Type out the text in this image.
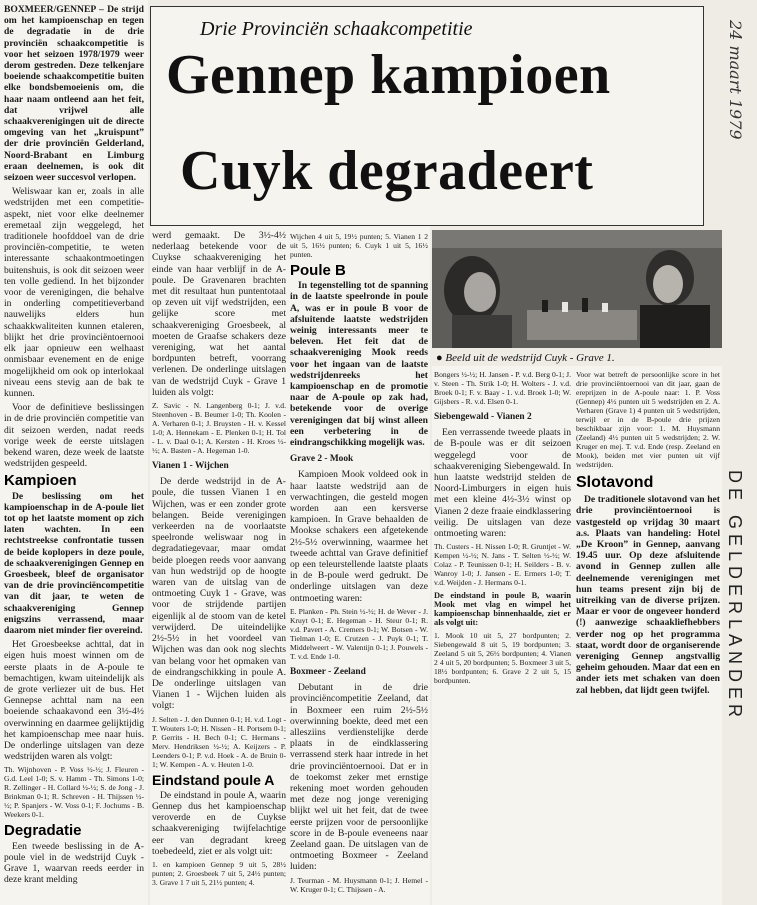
BOXMEER/GENNEP – De strijd om het kampioenschap en tegen de degradatie in de drie provinciën schaakcompetitie is voor het seizoen 1978/1979 weer derom gestreden. Deze telkenjare boeiende schaakcompetitie buiten elke bondsbemoeienis om, die haar naam ontleend aan het feit, dat vrijwel alle schaakverenigingen uit de directe omgeving van het „kruispunt” der drie provinciën Gelderland, Noord-Brabant en Limburg eraan deelnemen, is ook dit seizoen weer succesvol verlopen.

Weliswaar kan er, zoals in alle wedstrijden met een competitie-aspekt, niet voor elke deelnemer eremetaal zijn weggelegd, het traditionele hoofddoel van de drie provinciën-competitie, te weten interessante schaakontmoetingen buitenshuis, is ook dit seizoen weer ten volle gediend. In het bijzonder voor de verenigingen, die behalve in onderling competitieverband nauwelijks elders hun schaakkwaliteiten kunnen etaleren, blijkt het drie provinciëntoernooi elk jaar opnieuw een welhaast onmisbaar evenement en de enige mogelijkheid om ook op interlokaal niveau eens stevig aan de bak te kunnen.

Voor de definitieve beslissingen in de drie provinciën competitie van dit seizoen werden, nadat reeds vorige week de eerste uitslagen bekend waren, deze week de laatste wedstrijden gespeeld.

Kampioen

De beslissing om het kampioenschap in de A-poule liet tot op het laatste moment op zich laten wachten. In een rechtstreekse confrontatie tussen de beide koplopers in deze poule, de schaakverenigingen Gennep en Groesbeek, bleef de organisator van de drie provinciëncompetitie van dit jaar, te weten de schaakvereniging Gennep enigszins verrassend, maar daarom niet minder fier overeind.

Het Groesbeekse achttal, dat in eigen huis moest winnen om de eerste plaats in de A-poule te bemachtigen, kwam uiteindelijk als de grote verliezer uit de bus. Het Gennepse achttal nam na een boeiende schaakavond een 3½-4½ overwinning en daarmee gelijktijdig het kampioenschap mee naar huis. De onderlinge uitslagen van deze wedstrijden waren als volgt:

Th. Wijnhoven - P. Voss ½-½; J. Fleuren - G.d. Leel 1-0; S. v. Hamm - Th. Simons 1-0; R. Zellinger - H. Collard ½-½; S. de Jong - J. Brinkman 0-1; R. Schreven - H. Thijssen ½-½; P. Spanjers - W. Voss 0-1; F. Jochums - B. Weekers 0-1.

Degradatie

Een tweede beslissing in de A-poule viel in de wedstrijd Cuyk - Grave 1, waarvan reeds eerder in deze krant melding

Drie Provinciën schaakcompetitie
Gennep kampioen
Cuyk degradeert
DE GELDERLANDER
24 maart 1979

werd gemaakt. De 3½-4½ nederlaag betekende voor de Cuykse schaakvereniging het einde van haar verblijf in de A-poule. De Gravenaren brachten met dit resultaat hun puntentotaal op zeven uit vijf wedstrijden, een gelijke score met schaakvereniging Groesbeek, al moeten de Graafse schakers deze vereniging, wat het aantal bordpunten betreft, voorrang verlenen. De onderlinge uitslagen van de wedstrijd Cuyk - Grave 1 luiden als volgt:

Z. Savic - N. Langenberg 0-1; J. v.d. Steenhoven - B. Beumer 1-0; Th. Koolen - A. Verharen 0-1; J. Bruysten - H. v. Kessel 1-0; A. Hennekam - E. Plenken 0-1; H. Tol - L. v. Daal 0-1; A. Kersten - H. Kroes ½-½; A. Basten - A. Hegeman 1-0.

Vianen 1 - Wijchen

De derde wedstrijd in de A-poule, die tussen Vianen 1 en Wijchen, was er een zonder grote belangen. Beide verenigingen verkeerden na de voorlaatste speelronde weliswaar nog in degradatiegevaar, maar omdat beide ploegen reeds voor aanvang van hun wedstrijd op de hoogte waren van de uitslag van de ontmoeting Cuyk 1 - Grave, was voor de strijdende partijen eigenlijk al de stoom van de ketel verwijderd. De uiteindelijke 2½-5½ in het voordeel van Wijchen was dan ook nog slechts van belang voor het opmaken van de eindrangschikking in poule A. De onderlinge uitslagen van Vianen 1 - Wijchen luiden als volgt:

J. Selten - J. den Dunnen 0-1; H. v.d. Logt - T. Wouters 1-0; H. Nissen - H. Portsem 0-1; P. Gerrits - H. Bech 0-1; C. Hermans - Merv. Hendriksen ½-½; A. Keijzers - P. Leenders 0-1; P. v.d. Hoek - A. de Bruin 0-1; W. Kempen - A. v. Heuten 1-0.

Eindstand poule A

De eindstand in poule A, waarin Gennep dus het kampioenschap veroverde en de Cuykse schaakvereniging twijfelachtige eer van degradant kreeg toebedeeld, ziet er als volgt uit:

1. en kampioen Gennep 9 uit 5, 28½ punten; 2. Groesbeek 7 uit 5, 24½ punten; 3. Grave 1 7 uit 5, 21½ punten; 4.

Wijchen 4 uit 5, 19½ punten; 5. Vianen 1 2 uit 5, 16½ punten; 6. Cuyk 1 uit 5, 16½ punten.

Poule B

In tegenstelling tot de spanning in de laatste speelronde in poule A, was er in poule B voor de afsluitende laatste wedstrijden weinig interessants meer te beleven. Het feit dat de schaakvereniging Mook reeds voor het ingaan van de laatste wedstrijdenreeks het kampioenschap en de promotie naar de A-poule op zak had, betekende voor de overige verenigingen dat bij winst alleen een verbetering in de eindrangschikking mogelijk was.

Grave 2 - Mook

Kampioen Mook voldeed ook in haar laatste wedstrijd aan de verwachtingen, die gesteld mogen worden aan een kersverse kampioen. In Grave behaalden de Mookse schakers een afgetekende 2½-5½ overwinning, waarmee het tweede achttal van Grave definitief op een teleurstellende laatste plaats in de B-poule werd gedrukt. De onderlinge uitslagen van deze ontmoeting waren:

E. Planken - Ph. Stein ½-½; H. de Wever - J. Kruyt 0-1; E. Hegeman - H. Steur 0-1; R. v.d. Pavert - A. Cremers 0-1; W. Botsen - W. Tielman 1-0; E. Crutzen - J. Puyk 0-1; T. Middelweert - W. Valentijn 0-1; J. Pouwels - T. v.d. Ende 1-0.

Boxmeer - Zeeland

Debutant in de drie provinciëncompetitie Zeeland, dat in Boxmeer een ruim 2½-5½ overwinning boekte, deed met een allesziins verdienstelijke derde plaats in de eindklassering verrassend sterk haar intrede in het drie provinciëntoernooi. Dat er in de toekomst zeker met ernstige rekening moet worden gehouden met deze nog jonge vereniging blijkt wel uit het feit, dat de twee eerste prijzen voor de persoonlijke score in de B-poule eveneens naar Zeeland gaan. De uitslagen van de ontmoeting Boxmeer - Zeeland luiden:

J. Teurman - M. Huysmann 0-1; J. Hemel - W. Kruger 0-1; C. Thijssen - A.

● Beeld uit de wedstrijd Cuyk - Grave 1.

Bongers ½-½; H. Jansen - P. v.d. Berg 0-1; J. v. Steen - Th. Strik 1-0; H. Wolters - J. v.d. Broek 0-1; F. v. Baay - 1. v.d. Broek 1-0; W. Gijsbers - R. v.d. Elsen 0-1.

Siebengewald - Vianen 2

Een verrassende tweede plaats in de B-poule was er dit seizoen weggelegd voor de schaakvereniging Siebengewald. In hun laatste wedstrijd stelden de Noord-Limburgers in eigen huis met een kleine 4½-3½ winst op Vianen 2 deze fraaie eindklassering veilig. De uitslagen van deze ontmoeting waren:

Th. Custers - H. Nissen 1-0; R. Gruntjet - W. Kempen ½-½; N. Jans - T. Selten ½-½; W. Colaz - P. Teunissen 0-1; H. Seilders - B. v. Wanroy 1-0; J. Jansen - E. Ermers 1-0; T. v.d. Weijden - J. Hermans 0-1.

De eindstand in poule B, waarin Mook met vlag en wimpel het kampioenschap binnenhaalde, ziet er als volgt uit:

1. Mook 10 uit 5, 27 bordpunten; 2. Siebengewald 8 uit 5, 19 bordpunten; 3. Zeeland 5 uit 5, 26½ bordpunten; 4. Vianen 2 4 uit 5, 20 bordpunten; 5. Boxmeer 3 uit 5, 18½ bordpunten; 6. Grave 2 2 uit 5, 15 bordpunten.

Voor wat betreft de persoonlijke score in het drie provinciëntoernooi van dit jaar, gaan de ereprijzen in de A-poule naar: 1. P. Voss (Gennep) 4½ punten uit 5 wedstrijden en 2. A. Verharen (Grave 1) 4 punten uit 5 wedstrijden, terwijl er in de B-poule drie prijzen beschikbaar zijn voor: 1. M. Huysmann (Zeeland) 4½ punten uit 5 wedstrijden; 2. W. Kruger en mej. T. v.d. Ende (resp. Zeeland en Mook), beiden met vier punten uit vijf wedstrijden.

Slotavond

De traditionele slotavond van het drie provinciëntoernooi is vastgesteld op vrijdag 30 maart a.s. Plaats van handeling: Hotel „De Kroon” in Gennep, aanvang 19.45 uur. Op deze afsluitende avond in Gennep zullen alle deelnemende verenigingen met hun teams present zijn bij de uitreiking van de diverse prijzen. Maar er voor de ongeveer honderd (!) aanwezige schaakliefhebbers verder nog op het programma staat, wordt door de organiserende vereniging Gennep angstvallig geheim gehouden. Maar dat een en ander iets met schaken van doen zal hebben, dat lijdt geen twijfel.
